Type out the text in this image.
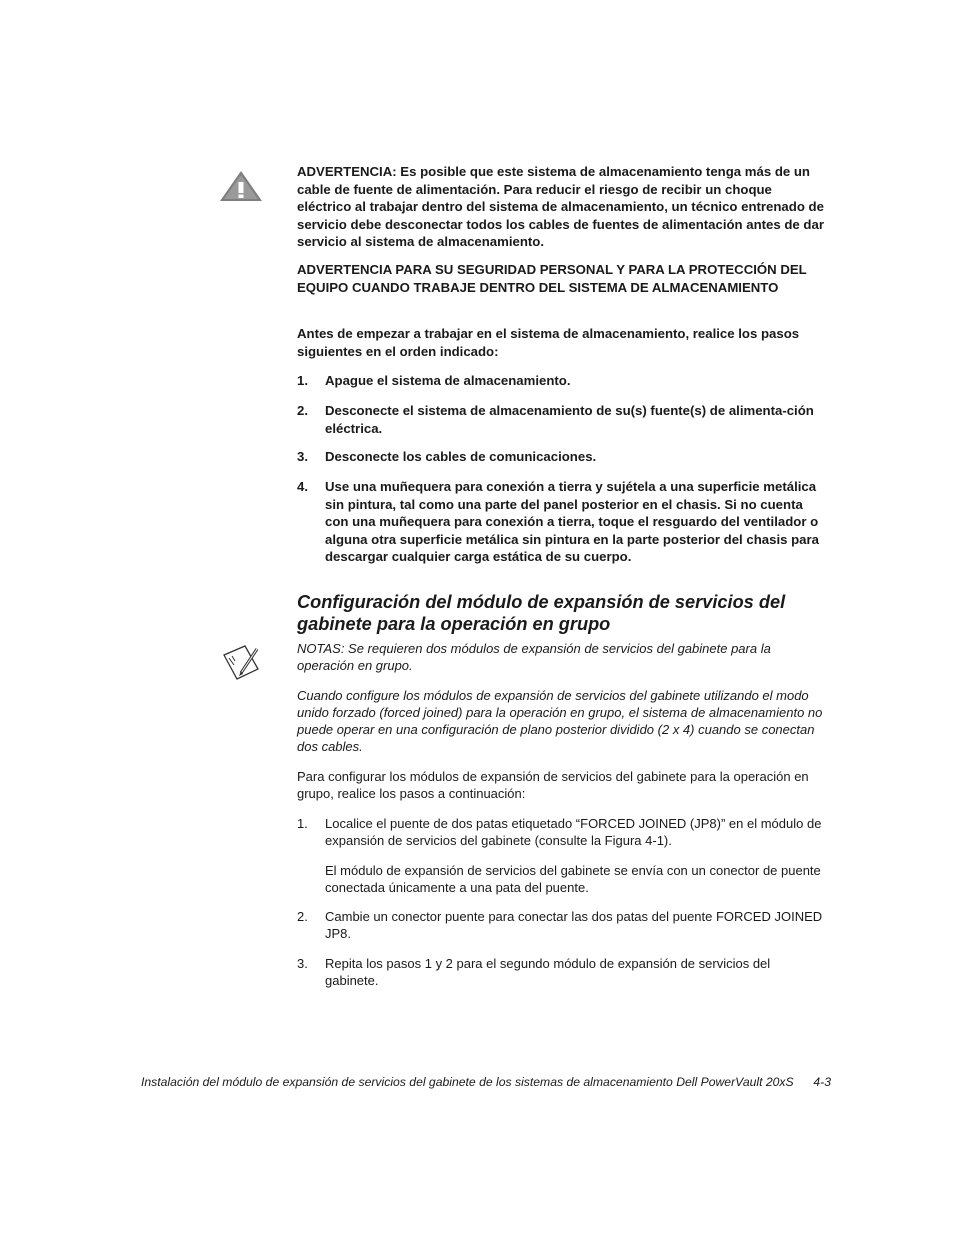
ADVERTENCIA: Es posible que este sistema de almacenamiento tenga más de un cable de fuente de alimentación. Para reducir el riesgo de recibir un choque eléctrico al trabajar dentro del sistema de almacenamiento, un técnico entrenado de servicio debe desconectar todos los cables de fuentes de alimentación antes de dar servicio al sistema de almacenamiento.

ADVERTENCIA PARA SU SEGURIDAD PERSONAL Y PARA LA PROTECCIÓN DEL EQUIPO CUANDO TRABAJE DENTRO DEL SISTEMA DE ALMACENAMIENTO

Antes de empezar a trabajar en el sistema de almacenamiento, realice los pasos siguientes en el orden indicado:

1. Apague el sistema de almacenamiento.
2. Desconecte el sistema de almacenamiento de su(s) fuente(s) de alimenta-ción eléctrica.
3. Desconecte los cables de comunicaciones.
4. Use una muñequera para conexión a tierra y sujétela a una superficie metálica sin pintura, tal como una parte del panel posterior en el chasis. Si no cuenta con una muñequera para conexión a tierra, toque el resguardo del ventilador o alguna otra superficie metálica sin pintura en la parte posterior del chasis para descargar cualquier carga estática de su cuerpo.
Configuración del módulo de expansión de servicios del gabinete para la operación en grupo

NOTAS: Se requieren dos módulos de expansión de servicios del gabinete para la operación en grupo.

Cuando configure los módulos de expansión de servicios del gabinete utilizando el modo unido forzado (forced joined) para la operación en grupo, el sistema de almacenamiento no puede operar en una configuración de plano posterior dividido (2 x 4) cuando se conectan dos cables.

Para configurar los módulos de expansión de servicios del gabinete para la operación en grupo, realice los pasos a continuación:

1. Localice el puente de dos patas etiquetado “FORCED JOINED (JP8)” en el módulo de expansión de servicios del gabinete (consulte la Figura 4-1).
El módulo de expansión de servicios del gabinete se envía con un conector de puente conectada únicamente a una pata del puente.
2. Cambie un conector puente para conectar las dos patas del puente FORCED JOINED JP8.
3. Repita los pasos 1 y 2 para el segundo módulo de expansión de servicios del gabinete.
Instalación del módulo de expansión de servicios del gabinete de los sistemas de almacenamiento Dell PowerVault 20xS 4-3
